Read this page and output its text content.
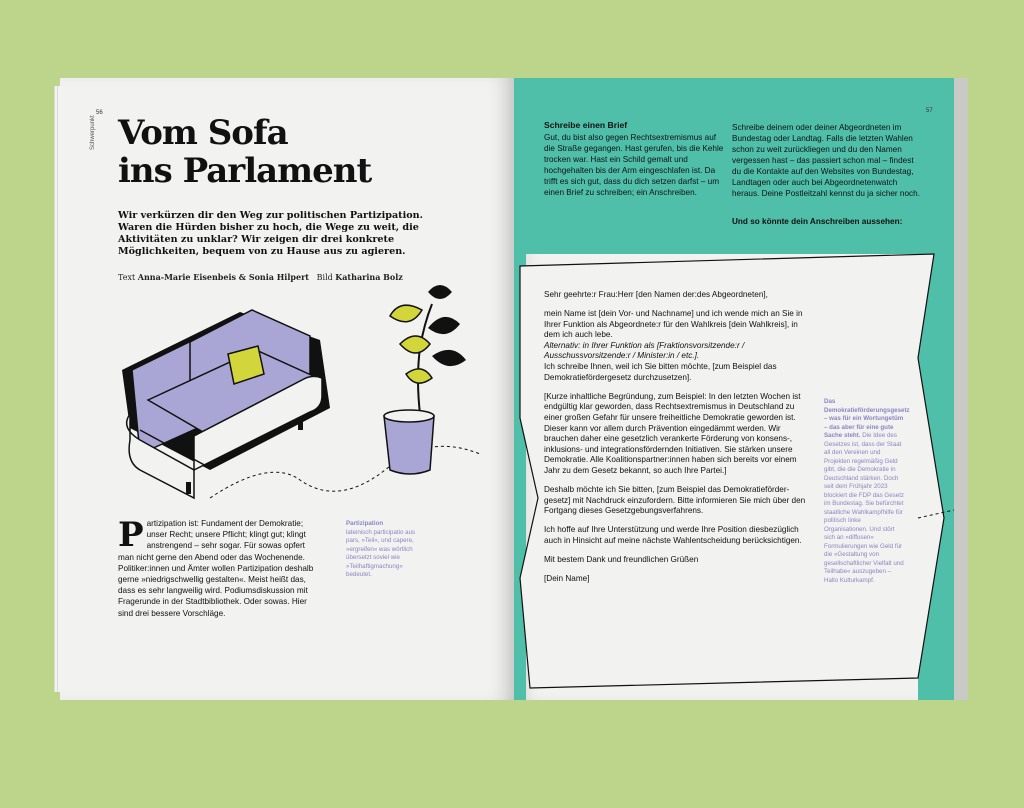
56
Schwerpunkt Vom Sofa
ins Parlament
Wir verkürzen dir den Weg zur politischen Partizipation. Waren die Hürden bisher zu hoch, die Wege zu weit, die Aktivitäten zu unklar? Wir zeigen dir drei konkrete Möglichkeiten, bequem von zu Hause aus zu agieren.
Text Anna-Marie Eisenbeis & Sonia Hilpert Bild Katharina Bolz
Partizipation ist: Fundament der Demokratie; unser Recht; unsere Pflicht; klingt gut; klingt anstrengend – sehr sogar. Für sowas opfert man nicht gerne den Abend oder das Wochenende. Politiker:innen und Ämter wollen Partizipation deshalb gerne »niedrigschwellig gestalten«. Meist heißt das, dass es sehr langweilig wird. Podiumsdiskussion mit Fragerunde in der Stadtbibliothek. Oder sowas. Hier sind drei bessere Vorschläge.
Partizipation
lateinisch participatio aus pars, »Teil«, und capere, »ergreifen« was wörtlich übersetzt soviel wie »Teilhaftigmachung« bedeutet.
57
Schreibe einen Brief
Gut, du bist also gegen Rechtsextremismus auf die Straße gegangen. Hast gerufen, bis die Kehle trocken war. Hast ein Schild gemalt und hochgehalten bis der Arm eingeschlafen ist. Da trifft es sich gut, dass du dich setzen darfst – um einen Brief zu schreiben; ein Anschreiben.
Schreibe deinem oder deiner Abgeordneten im Bundestag oder Landtag. Falls die letzten Wahlen schon zu weit zurückliegen und du den Namen vergessen hast – das passiert schon mal – findest du die Kontakte auf den Websites von Bundestag, Landtagen oder auch bei Abgeordnetenwatch heraus. Deine Postleitzahl kennst du ja sicher noch.
Und so könnte dein Anschreiben aussehen:

Sehr geehrte:r Frau:Herr [den Namen der:des Abgeordneten],

mein Name ist [dein Vor- und Nachname] und ich wende mich an Sie in Ihrer Funktion als Abgeordnete:r für den Wahlkreis [dein Wahlkreis], in dem ich auch lebe.
Alternativ: in Ihrer Funktion als [Fraktionsvorsitzende:r / Ausschussvorsitzende:r / Minister:in / etc.].
Ich schreibe Ihnen, weil ich Sie bitten möchte, [zum Beispiel das Demokratiefördergesetz durchzusetzen].

[Kurze inhaltliche Begründung, zum Beispiel: In den letzten Wochen ist endgültig klar geworden, dass Rechtsextremismus in Deutschland zu einer großen Gefahr für unsere freiheitliche Demokratie geworden ist. Dieser kann vor allem durch Prävention eingedämmt werden. Wir brauchen daher eine gesetzlich verankerte Förderung von konsens-, inklusions- und integrationsfördernden Initiativen. Sie stärken unsere Demokratie. Alle Koalitionspartner:innen haben sich bereits vor einem Jahr zu dem Gesetz bekannt, so auch Ihre Partei.]

Deshalb möchte ich Sie bitten, [zum Beispiel das Demokratieförder-gesetz] mit Nachdruck einzufordern. Bitte informieren Sie mich über den Fortgang dieses Gesetzgebungsverfahrens.

Ich hoffe auf Ihre Unterstützung und werde Ihre Position diesbezüglich auch in Hinsicht auf meine nächste Wahlentscheidung berücksichtigen.

Mit bestem Dank und freundlichen Grüßen

[Dein Name]

Das Demokratieförderungsgesetz – was für ein Wortungetüm – das aber für eine gute Sache steht. Die Idee des Gesetzes ist, dass der Staat all den Vereinen und Projekten regelmäßig Geld gibt, die die Demokratie in Deutschland stärken. Doch seit dem Frühjahr 2023 blockiert die FDP das Gesetz im Bundestag. Sie befürchtet staatliche Wahlkampfhilfe für politisch linke Organisationen. Und stört sich an »diffusen« Formulierungen wie Geld für die »Gestaltung von gesellschaftlicher Vielfalt und Teilhabe« auszugeben – Hallo Kulturkampf.
